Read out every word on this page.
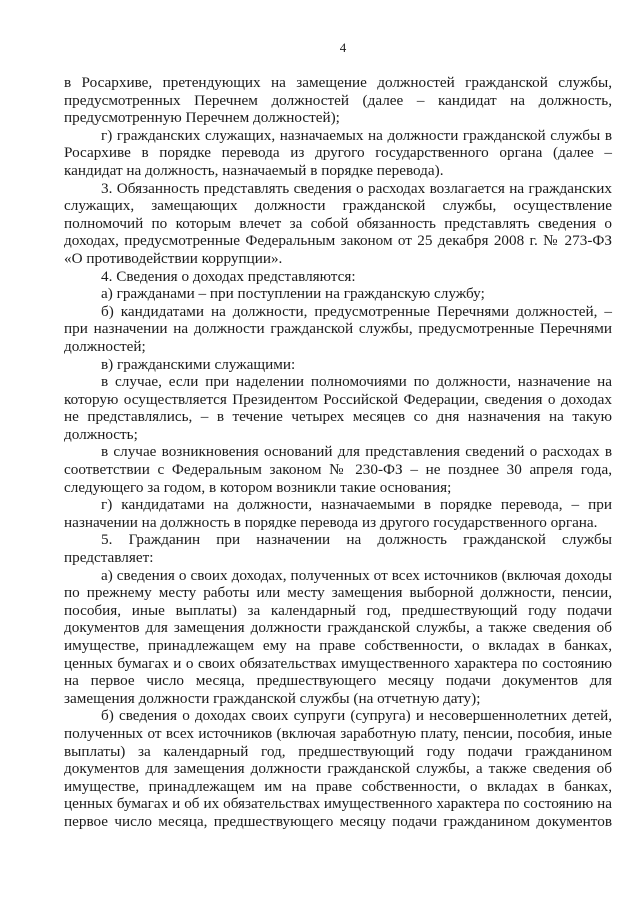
4

в Росархиве, претендующих на замещение должностей гражданской службы, предусмотренных Перечнем должностей (далее – кандидат на должность, предусмотренную Перечнем должностей);

г) гражданских служащих, назначаемых на должности гражданской службы в Росархиве в порядке перевода из другого государственного органа (далее – кандидат на должность, назначаемый в порядке перевода).

3. Обязанность представлять сведения о расходах возлагается на гражданских служащих, замещающих должности гражданской службы, осуществление полномочий по которым влечет за собой обязанность представлять сведения о доходах, предусмотренные Федеральным законом от 25 декабря 2008 г. № 273-ФЗ «О противодействии коррупции».

4. Сведения о доходах представляются:

а) гражданами – при поступлении на гражданскую службу;

б) кандидатами на должности, предусмотренные Перечнями должностей, – при назначении на должности гражданской службы, предусмотренные Перечнями должностей;

в) гражданскими служащими:

в случае, если при наделении полномочиями по должности, назначение на которую осуществляется Президентом Российской Федерации, сведения о доходах не представлялись, – в течение четырех месяцев со дня назначения на такую должность;

в случае возникновения оснований для представления сведений о расходах в соответствии с Федеральным законом № 230-ФЗ – не позднее 30 апреля года, следующего за годом, в котором возникли такие основания;

г) кандидатами на должности, назначаемыми в порядке перевода, – при назначении на должность в порядке перевода из другого государственного органа.

5. Гражданин при назначении на должность гражданской службы представляет:

а) сведения о своих доходах, полученных от всех источников (включая доходы по прежнему месту работы или месту замещения выборной должности, пенсии, пособия, иные выплаты) за календарный год, предшествующий году подачи документов для замещения должности гражданской службы, а также сведения об имуществе, принадлежащем ему на праве собственности, о вкладах в банках, ценных бумагах и о своих обязательствах имущественного характера по состоянию на первое число месяца, предшествующего месяцу подачи документов для замещения должности гражданской службы (на отчетную дату);

б) сведения о доходах своих супруги (супруга) и несовершеннолетних детей, полученных от всех источников (включая заработную плату, пенсии, пособия, иные выплаты) за календарный год, предшествующий году подачи гражданином документов для замещения должности гражданской службы, а также сведения об имуществе, принадлежащем им на праве собственности, о вкладах в банках, ценных бумагах и об их обязательствах имущественного характера по состоянию на первое число месяца, предшествующего месяцу подачи гражданином документов
